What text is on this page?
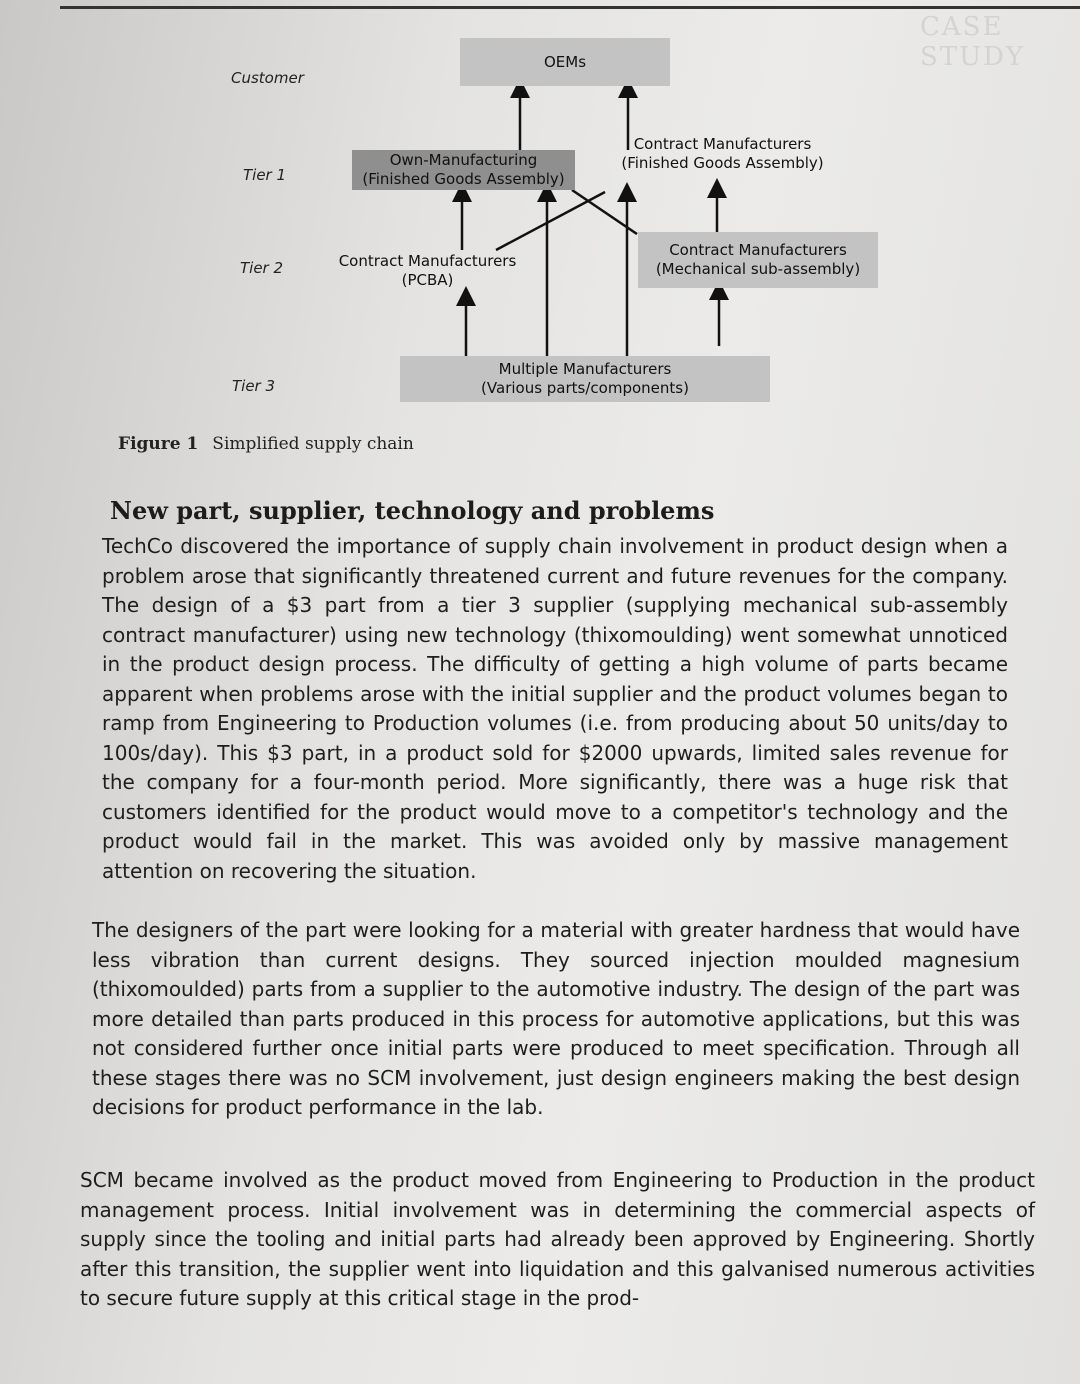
CASE STUDY
Customer
Tier 1
Tier 2
Tier 3
OEMs
Own-Manufacturing
(Finished Goods Assembly)
Contract Manufacturers
(Finished Goods Assembly)
Contract Manufacturers
(PCBA)
Contract Manufacturers
(Mechanical sub-assembly)
Multiple Manufacturers
(Various parts/components)
Figure 1 Simplified supply chain
New part, supplier, technology and problems

TechCo discovered the importance of supply chain involvement in product design when a problem arose that significantly threatened current and future revenues for the company. The design of a $3 part from a tier 3 supplier (supplying mechanical sub-assembly contract manufacturer) using new technology (thixomoulding) went somewhat unnoticed in the product design process. The difficulty of getting a high volume of parts became apparent when problems arose with the initial supplier and the product volumes began to ramp from Engineering to Production volumes (i.e. from producing about 50 units/day to 100s/day). This $3 part, in a product sold for $2000 upwards, limited sales revenue for the company for a four-month period. More significantly, there was a huge risk that customers identified for the product would move to a competitor's technology and the product would fail in the market. This was avoided only by massive management attention on recovering the situation.

The designers of the part were looking for a material with greater hardness that would have less vibration than current designs. They sourced injection moulded magnesium (thixomoulded) parts from a supplier to the automotive industry. The design of the part was more detailed than parts produced in this process for automotive applications, but this was not considered further once initial parts were produced to meet specification. Through all these stages there was no SCM involvement, just design engineers making the best design decisions for product performance in the lab.

SCM became involved as the product moved from Engineering to Production in the product management process. Initial involvement was in determining the commercial aspects of supply since the tooling and initial parts had already been approved by Engineering. Shortly after this transition, the supplier went into liquidation and this galvanised numerous activities to secure future supply at this critical stage in the prod-
